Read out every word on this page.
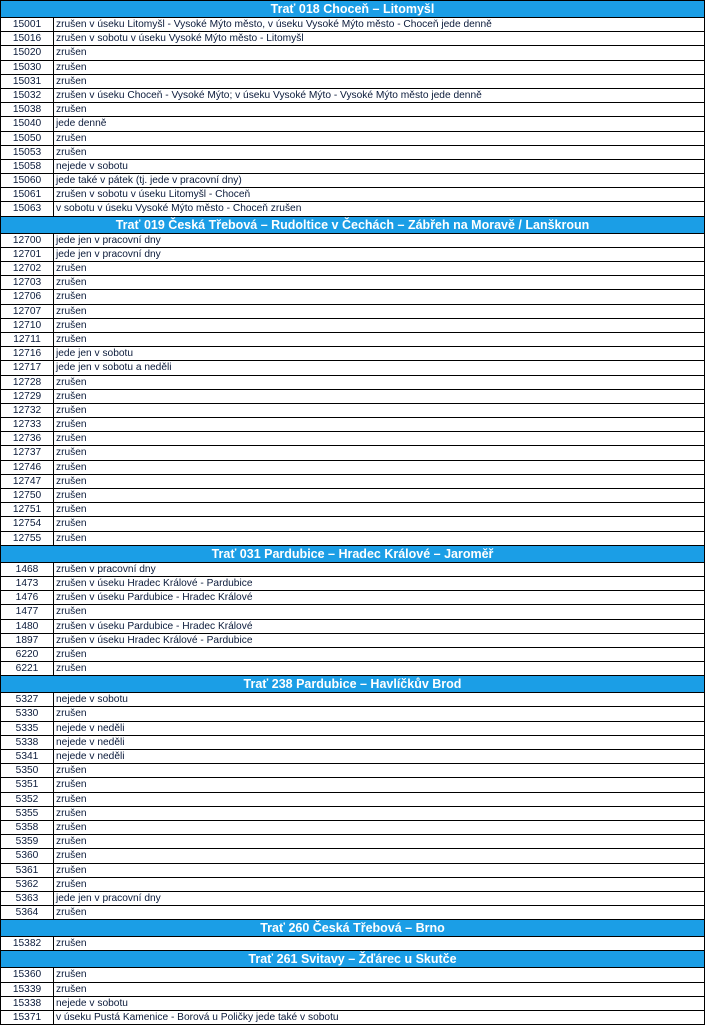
Trať 018 Choceň – Litomyšl
15001	zrušen v úseku Litomyšl - Vysoké Mýto město, v úseku Vysoké Mýto město - Choceň jede denně
15016	zrušen v sobotu v úseku Vysoké Mýto město - Litomyšl
15020	zrušen
15030	zrušen
15031	zrušen
15032	zrušen v úseku Choceň - Vysoké Mýto; v úseku Vysoké Mýto - Vysoké Mýto město jede denně
15038	zrušen
15040	jede denně
15050	zrušen
15053	zrušen
15058	nejede v sobotu
15060	jede také v pátek (tj. jede v pracovní dny)
15061	zrušen v sobotu v úseku Litomyšl - Choceň
15063	v sobotu v úseku Vysoké Mýto město - Choceň zrušen
Trať 019 Česká Třebová – Rudoltice v Čechách – Zábřeh na Moravě / Lanškroun
12700	jede jen v pracovní dny
12701	jede jen v pracovní dny
12702	zrušen
12703	zrušen
12706	zrušen
12707	zrušen
12710	zrušen
12711	zrušen
12716	jede jen v sobotu
12717	jede jen v sobotu a neděli
12728	zrušen
12729	zrušen
12732	zrušen
12733	zrušen
12736	zrušen
12737	zrušen
12746	zrušen
12747	zrušen
12750	zrušen
12751	zrušen
12754	zrušen
12755	zrušen
Trať 031 Pardubice – Hradec Králové – Jaroměř
1468	zrušen v pracovní dny
1473	zrušen v úseku Hradec Králové - Pardubice
1476	zrušen v úseku Pardubice - Hradec Králové
1477	zrušen
1480	zrušen v úseku Pardubice - Hradec Králové
1897	zrušen v úseku Hradec Králové - Pardubice
6220	zrušen
6221	zrušen
Trať 238 Pardubice – Havlíčkův Brod
5327	nejede v sobotu
5330	zrušen
5335	nejede v neděli
5338	nejede v neděli
5341	nejede v neděli
5350	zrušen
5351	zrušen
5352	zrušen
5355	zrušen
5358	zrušen
5359	zrušen
5360	zrušen
5361	zrušen
5362	zrušen
5363	jede jen v pracovní dny
5364	zrušen
Trať 260 Česká Třebová – Brno
15382	zrušen
Trať 261 Svitavy – Žďárec u Skutče
15360	zrušen
15339	zrušen
15338	nejede v sobotu
15371	v úseku Pustá Kamenice - Borová u Poličky jede také v sobotu
